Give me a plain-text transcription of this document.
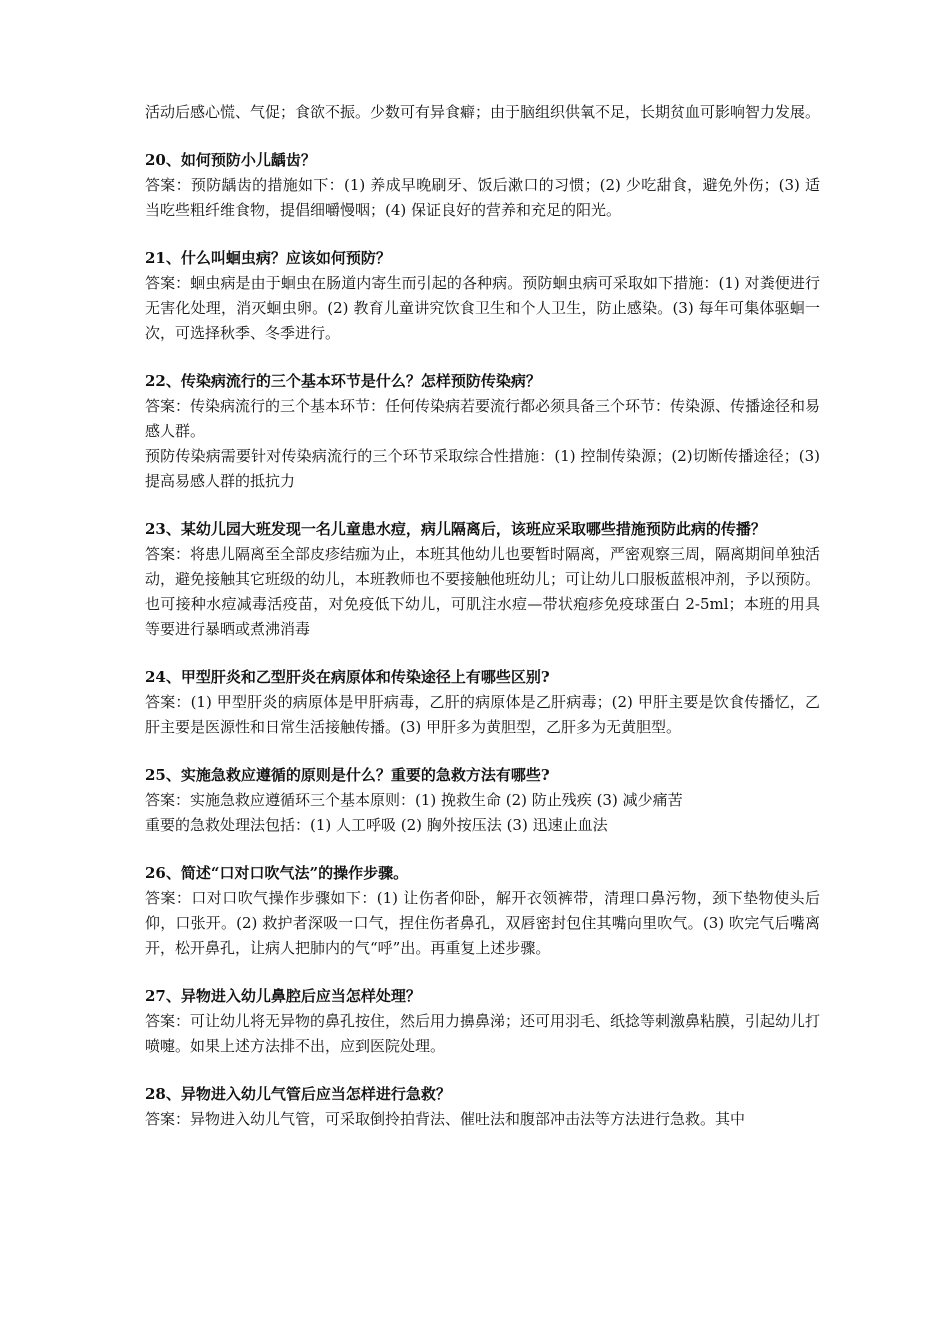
活动后感心慌、气促；食欲不振。少数可有异食癖；由于脑组织供氧不足，长期贫血可影响智力发展。

20、如何预防小儿龋齿？

答案：预防龋齿的措施如下：(1) 养成早晚刷牙、饭后漱口的习惯；(2) 少吃甜食，避免外伤；(3) 适当吃些粗纤维食物，提倡细嚼慢咽；(4) 保证良好的营养和充足的阳光。

21、什么叫蛔虫病？应该如何预防？

答案：蛔虫病是由于蛔虫在肠道内寄生而引起的各种病。预防蛔虫病可采取如下措施：(1) 对粪便进行无害化处理，消灭蛔虫卵。(2) 教育儿童讲究饮食卫生和个人卫生，防止感染。(3) 每年可集体驱蛔一次，可选择秋季、冬季进行。

22、传染病流行的三个基本环节是什么？怎样预防传染病？

答案：传染病流行的三个基本环节：任何传染病若要流行都必须具备三个环节：传染源、传播途径和易感人群。

预防传染病需要针对传染病流行的三个环节采取综合性措施：(1) 控制传染源；(2)切断传播途径；(3) 提高易感人群的抵抗力

23、某幼儿园大班发现一名儿童患水痘，病儿隔离后，该班应采取哪些措施预防此病的传播？

答案：将患儿隔离至全部皮疹结痂为止，本班其他幼儿也要暂时隔离，严密观察三周，隔离期间单独活动，避免接触其它班级的幼儿，本班教师也不要接触他班幼儿；可让幼儿口服板蓝根冲剂，予以预防。也可接种水痘减毒活疫苗，对免疫低下幼儿，可肌注水痘—带状疱疹免疫球蛋白 2-5ml；本班的用具等要进行暴晒或煮沸消毒

24、甲型肝炎和乙型肝炎在病原体和传染途径上有哪些区别?

答案：(1) 甲型肝炎的病原体是甲肝病毒，乙肝的病原体是乙肝病毒；(2) 甲肝主要是饮食传播忆，乙肝主要是医源性和日常生活接触传播。(3) 甲肝多为黄胆型，乙肝多为无黄胆型。

25、实施急救应遵循的原则是什么？重要的急救方法有哪些?

答案：实施急救应遵循环三个基本原则：(1) 挽救生命 (2) 防止残疾 (3) 减少痛苦

重要的急救处理法包括：(1) 人工呼吸 (2) 胸外按压法 (3) 迅速止血法

26、简述“口对口吹气法”的操作步骤。

答案：口对口吹气操作步骤如下：(1) 让伤者仰卧，解开衣领裤带，清理口鼻污物，颈下垫物使头后仰，口张开。(2) 救护者深吸一口气，捏住伤者鼻孔，双唇密封包住其嘴向里吹气。(3) 吹完气后嘴离开，松开鼻孔，让病人把肺内的气“呼”出。再重复上述步骤。

27、异物进入幼儿鼻腔后应当怎样处理？

答案：可让幼儿将无异物的鼻孔按住，然后用力擤鼻涕；还可用羽毛、纸捻等刺激鼻粘膜，引起幼儿打喷嚏。如果上述方法排不出，应到医院处理。

28、异物进入幼儿气管后应当怎样进行急救？

答案：异物进入幼儿气管，可采取倒拎拍背法、催吐法和腹部冲击法等方法进行急救。其中
